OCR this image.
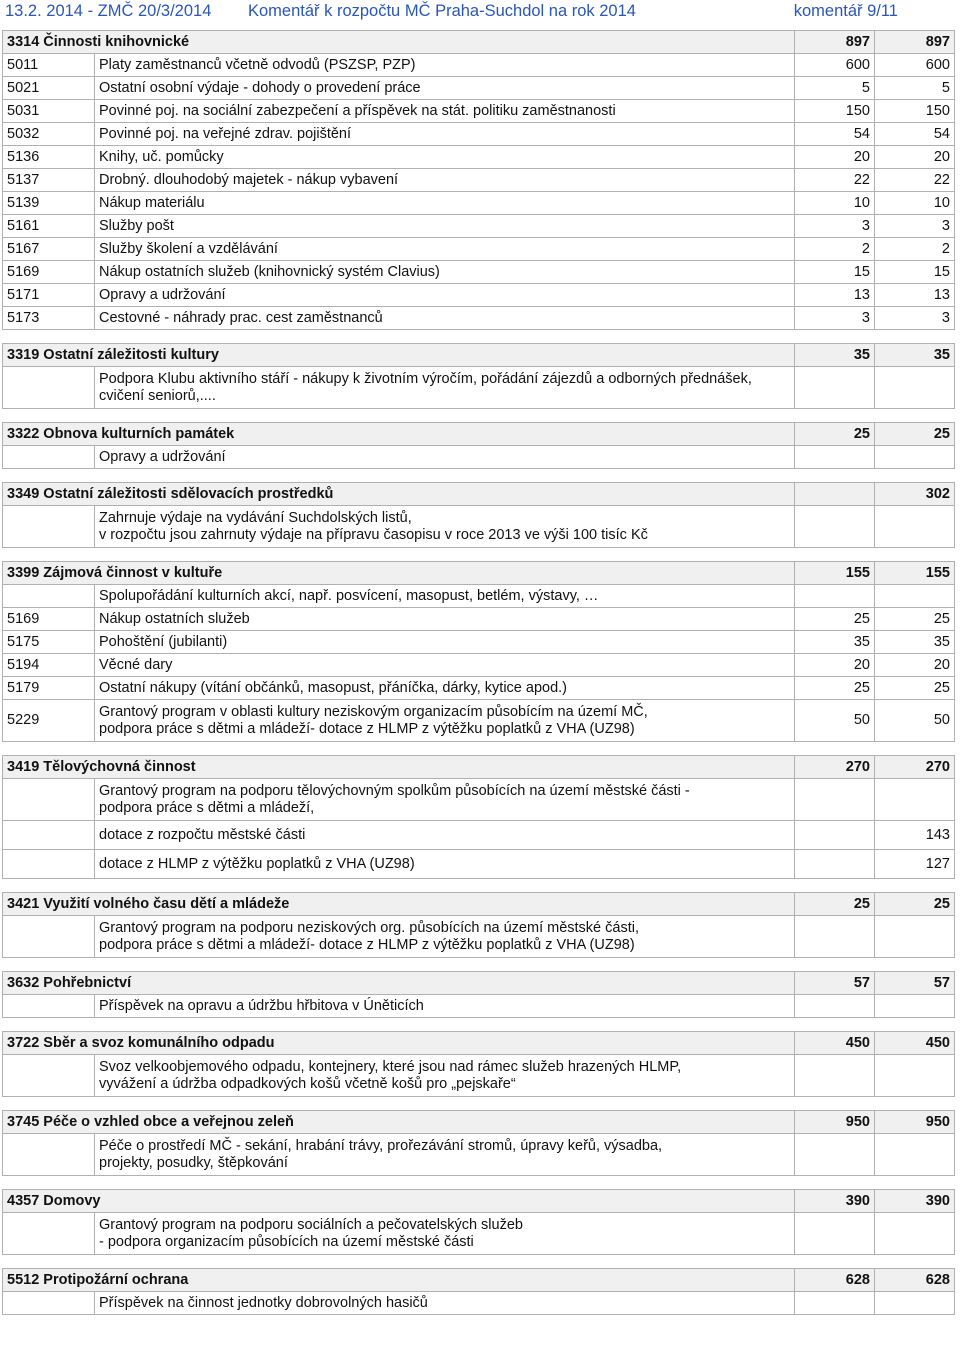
13.2. 2014 - ZMČ 20/3/2014 Komentář k rozpočtu MČ Praha-Suchdol na rok 2014	komentář 9/11
3314 Činnosti knihovnické		897	897
5011	Platy zaměstnanců včetně odvodů (PSZSP, PZP)	600	600
5021	Ostatní osobní výdaje - dohody o provedení práce	5	5
5031	Povinné poj. na sociální zabezpečení a příspěvek na stát. politiku zaměstnanosti	150	150
5032	Povinné poj. na veřejné zdrav. pojištění	54	54
5136	Knihy, uč. pomůcky	20	20
5137	Drobný. dlouhodobý majetek - nákup vybavení	22	22
5139	Nákup materiálu	10	10
5161	Služby pošt	3	3
5167	Služby školení a vzdělávání	2	2
5169	Nákup ostatních služeb (knihovnický systém Clavius)	15	15
5171	Opravy a udržování	13	13
5173	Cestovné - náhrady prac. cest zaměstnanců	3	3

3319 Ostatní záležitosti kultury		35	35
	Podpora Klubu aktivního stáří - nákupy k životním výročím, pořádání zájezdů a odborných přednášek, cvičení seniorů,....		

3322 Obnova kulturních památek		25	25
	Opravy a udržování		

3349 Ostatní záležitosti sdělovacích prostředků			302
	Zahrnuje výdaje na vydávání Suchdolských listů,
v rozpočtu jsou zahrnuty výdaje na přípravu časopisu v roce 2013 ve výši 100 tisíc Kč		

3399 Zájmová činnost v kultuře		155	155
	Spolupořádání kulturních akcí, např. posvícení, masopust, betlém, výstavy, …		
5169	Nákup ostatních služeb	25	25
5175	Pohoštění (jubilanti)	35	35
5194	Věcné dary	20	20
5179	Ostatní nákupy (vítání občánků, masopust, přáníčka, dárky, kytice apod.)	25	25
5229	Grantový program v oblasti kultury neziskovým organizacím působícím na území MČ,
podpora práce s dětmi a mládeží- dotace z HLMP z výtěžku poplatků z VHA (UZ98)	50	50

3419 Tělovýchovná činnost		270	270
	Grantový program na podporu tělovýchovným spolkům působících na území městské části -
podpora práce s dětmi a mládeží,		
	dotace z rozpočtu městské části		143
	dotace z HLMP z výtěžku poplatků z VHA (UZ98)		127

3421 Využití volného času dětí a mládeže		25	25
	Grantový program na podporu neziskových org. působících na území městské části,
podpora práce s dětmi a mládeží- dotace z HLMP z výtěžku poplatků z VHA (UZ98)		

3632 Pohřebnictví		57	57
	Příspěvek na opravu a údržbu hřbitova v Úněticích		

3722 Sběr a svoz komunálního odpadu		450	450
	Svoz velkoobjemového odpadu, kontejnery, které jsou nad rámec služeb hrazených HLMP,
vyvážení a údržba odpadkových košů včetně košů pro „pejskaře“		

3745 Péče o vzhled obce a veřejnou zeleň		950	950
	Péče o prostředí MČ - sekání, hrabání trávy, prořezávání stromů, úpravy keřů, výsadba,
projekty, posudky, štěpkování		

4357 Domovy		390	390
	Grantový program na podporu sociálních a pečovatelských služeb
- podpora organizacím působících na území městské části		

5512 Protipožární ochrana		628	628
	Příspěvek na činnost jednotky dobrovolných hasičů		
